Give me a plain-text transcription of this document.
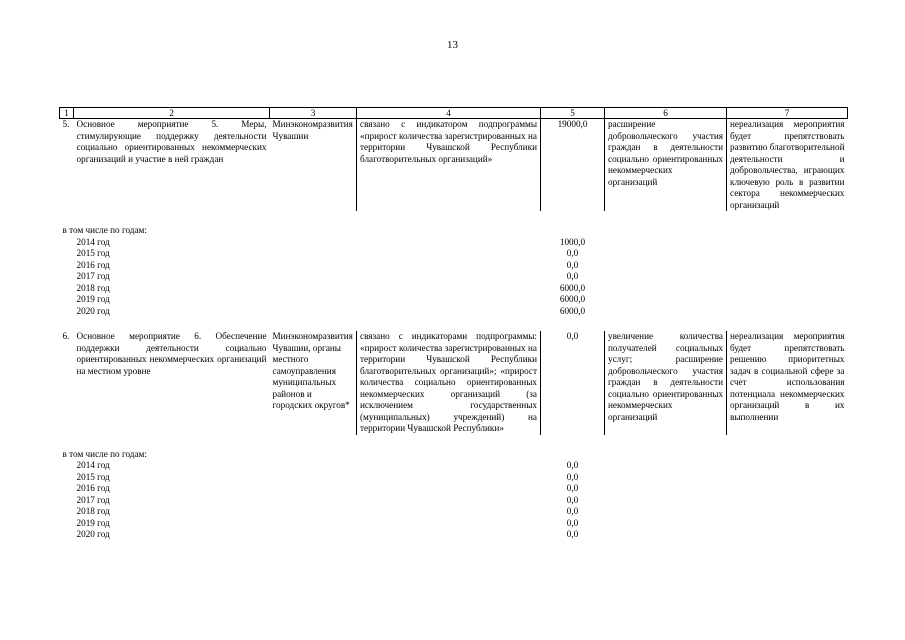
13
1	2	3	4	5	6	7
5.	Основное мероприятие 5. Меры, стимулирующие поддержку деятельности социально ориентированных некоммерческих организаций и участие в ней граждан	Минэкономразвития Чувашии	связано с индикатором подпрограммы «прирост количества зарегистрированных на территории Чувашской Республики благотворительных организаций»	19000,0	расширение добровольческого участия граждан в деятельности социально ориентированных некоммерческих организаций	нереализация мероприятия будет препятствовать развитию благотворительной деятельности и добровольчества, играющих ключевую роль в развитии сектора некоммерческих организаций

в том числе по годам:						
	2014 год			1000,0		
	2015 год			0,0		
	2016 год			0,0		
	2017 год			0,0		
	2018 год			6000,0		
	2019 год			6000,0		
	2020 год			6000,0		

6.	Основное мероприятие 6. Обеспечение поддержки деятельности социально ориентированных некоммерческих организаций на местном уровне	Минэкономразвития Чувашии, органы местного самоуправления муниципальных районов и городских округов*	связано с индикаторами подпрограммы: «прирост количества зарегистрированных на территории Чувашской Республики благотворительных организаций»; «прирост количества социально ориентированных некоммерческих организаций (за исключением государственных (муниципальных) учреждений) на территории Чувашской Республики»	0,0	увеличение количества получателей социальных услуг; расширение добровольческого участия граждан в деятельности социально ориентированных некоммерческих организаций	нереализация мероприятия будет препятствовать решению приоритетных задач в социальной сфере за счет использования потенциала некоммерческих организаций в их выполнении

в том числе по годам:						
	2014 год			0,0		
	2015 год			0,0		
	2016 год			0,0		
	2017 год			0,0		
	2018 год			0,0		
	2019 год			0,0		
	2020 год			0,0		
